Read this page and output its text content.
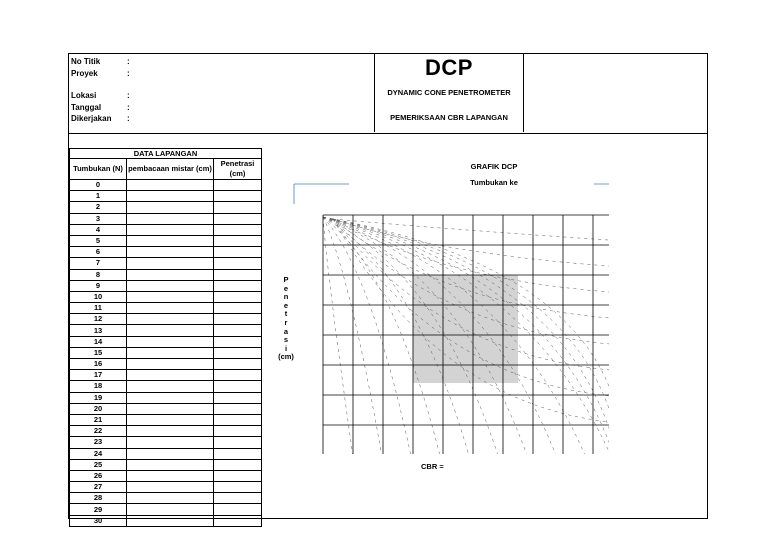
No Titik	:
Proyek	:
Lokasi	:
Tanggal	:
Dikerjakan	:
DCP
DYNAMIC CONE PENETROMETER
PEMERIKSAAN CBR LAPANGAN
DATA LAPANGAN
Tumbukan (N)	pembacaan mistar (cm)	Penetrasi (cm)
0		
1		
2		
3		
4		
5		
6		
7		
8		
9		
10		
11		
12		
13		
14		
15		
16		
17		
18		
19		
20		
21		
22		
23		
24		
25		
26		
27		
28		
29		
30		
GRAFIK DCP
Tumbukan ke
P
e
n
e
t
r
a
s
i
(cm)
CBR =
